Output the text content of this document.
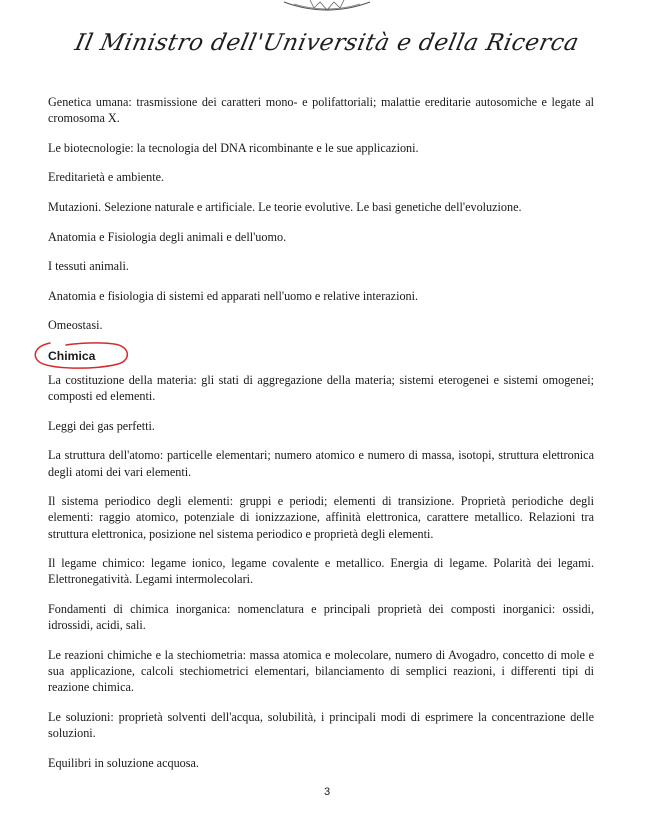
Il Ministro dell'Università e della Ricerca

Genetica umana: trasmissione dei caratteri mono- e polifattoriali; malattie ereditarie autosomiche e legate al cromosoma X.

Le biotecnologie: la tecnologia del DNA ricombinante e le sue applicazioni.

Ereditarietà e ambiente.

Mutazioni. Selezione naturale e artificiale. Le teorie evolutive. Le basi genetiche dell'evoluzione.

Anatomia e Fisiologia degli animali e dell'uomo.

I tessuti animali.

Anatomia e fisiologia di sistemi ed apparati nell'uomo e relative interazioni.

Omeostasi.

Chimica

La costituzione della materia: gli stati di aggregazione della materia; sistemi eterogenei e sistemi omogenei; composti ed elementi.

Leggi dei gas perfetti.

La struttura dell'atomo: particelle elementari; numero atomico e numero di massa, isotopi, struttura elettronica degli atomi dei vari elementi.

Il sistema periodico degli elementi: gruppi e periodi; elementi di transizione. Proprietà periodiche degli elementi: raggio atomico, potenziale di ionizzazione, affinità elettronica, carattere metallico. Relazioni tra struttura elettronica, posizione nel sistema periodico e proprietà degli elementi.

Il legame chimico: legame ionico, legame covalente e metallico. Energia di legame. Polarità dei legami. Elettronegatività. Legami intermolecolari.

Fondamenti di chimica inorganica: nomenclatura e principali proprietà dei composti inorganici: ossidi, idrossidi, acidi, sali.

Le reazioni chimiche e la stechiometria: massa atomica e molecolare, numero di Avogadro, concetto di mole e sua applicazione, calcoli stechiometrici elementari, bilanciamento di semplici reazioni, i differenti tipi di reazione chimica.

Le soluzioni: proprietà solventi dell'acqua, solubilità, i principali modi di esprimere la concentrazione delle soluzioni.

Equilibri in soluzione acquosa.

3
